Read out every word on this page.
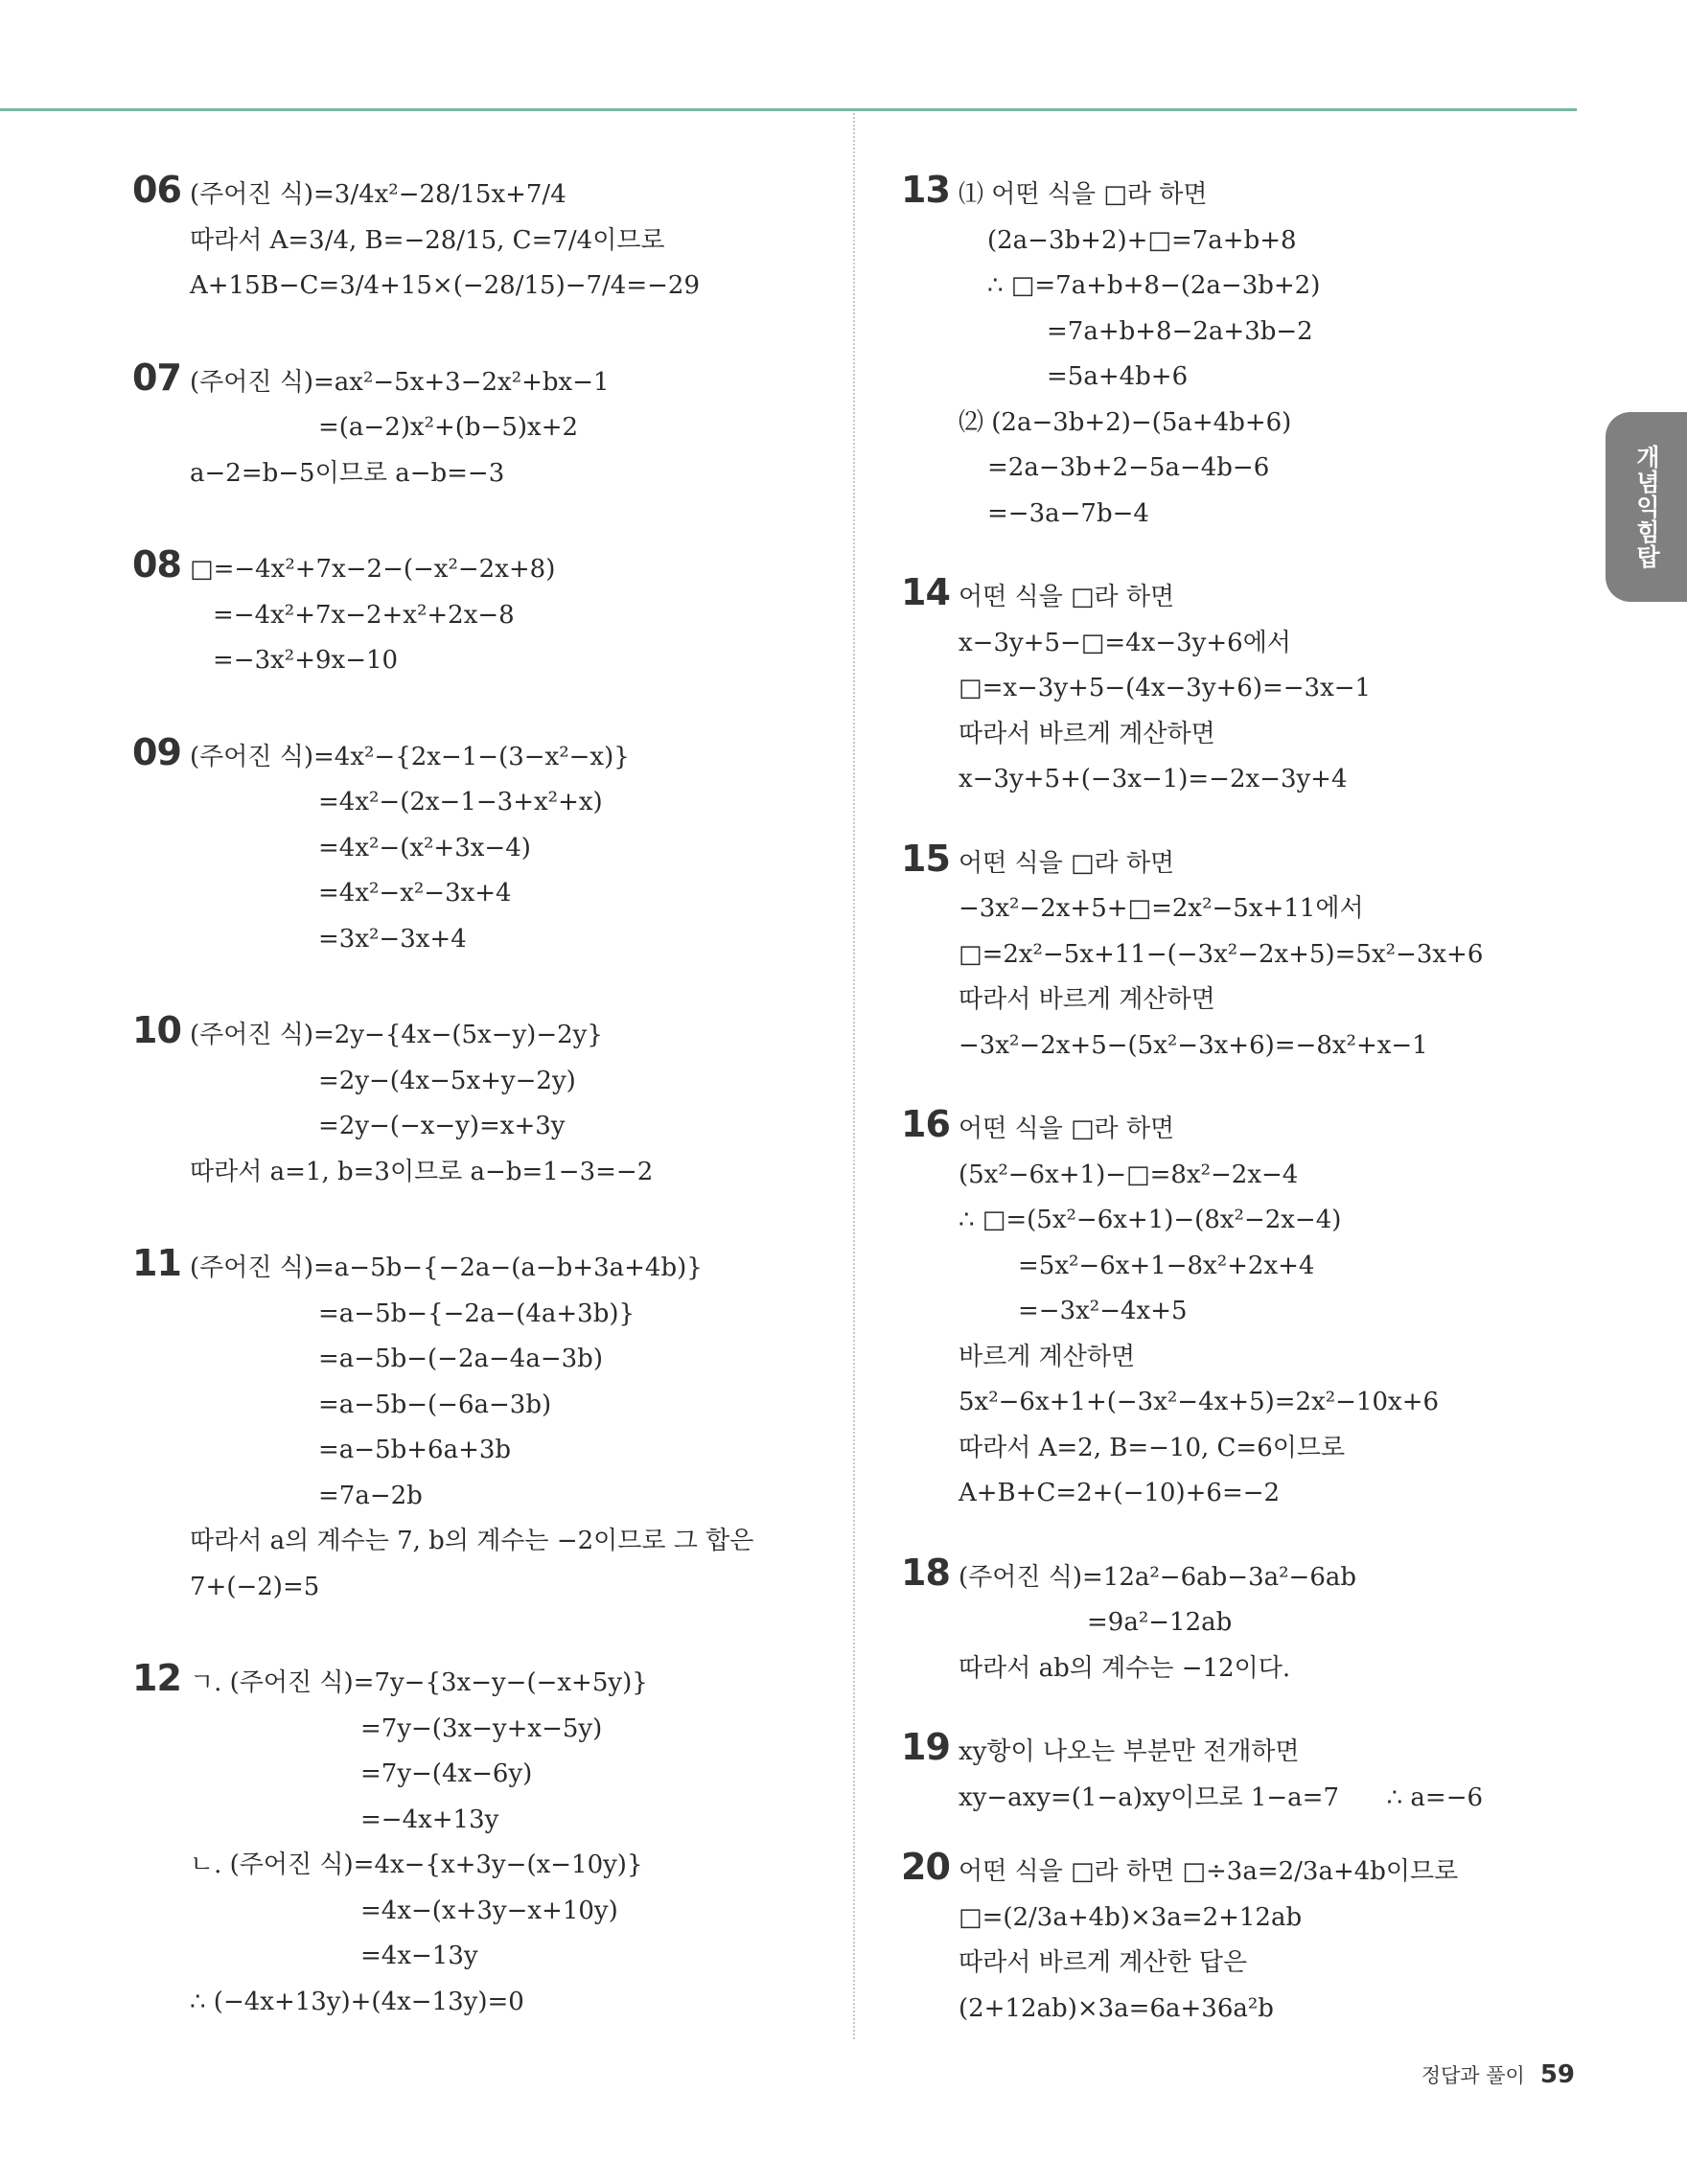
개념익힘탑
06 (주어진 식)=3/4x²−28/15x+7/4
따라서 A=3/4, B=−28/15, C=7/4이므로
A+15B−C=3/4+15×(−28/15)−7/4=−29
07 (주어진 식)=ax²−5x+3−2x²+bx−1
=(a−2)x²+(b−5)x+2
a−2=b−5이므로 a−b=−3
08 □=−4x²+7x−2−(−x²−2x+8)
=−4x²+7x−2+x²+2x−8
=−3x²+9x−10
09 (주어진 식)=4x²−{2x−1−(3−x²−x)}
=4x²−(2x−1−3+x²+x)
=4x²−(x²+3x−4)
=4x²−x²−3x+4
=3x²−3x+4
10 (주어진 식)=2y−{4x−(5x−y)−2y}
=2y−(4x−5x+y−2y)
=2y−(−x−y)=x+3y
따라서 a=1, b=3이므로 a−b=1−3=−2
11 (주어진 식)=a−5b−{−2a−(a−b+3a+4b)}
=a−5b−{−2a−(4a+3b)}
=a−5b−(−2a−4a−3b)
=a−5b−(−6a−3b)
=a−5b+6a+3b
=7a−2b
따라서 a의 계수는 7, b의 계수는 −2이므로 그 합은
7+(−2)=5
12 ㄱ. (주어진 식)=7y−{3x−y−(−x+5y)}
=7y−(3x−y+x−5y)
=7y−(4x−6y)
=−4x+13y
ㄴ. (주어진 식)=4x−{x+3y−(x−10y)}
=4x−(x+3y−x+10y)
=4x−13y
∴ (−4x+13y)+(4x−13y)=0
13 ⑴ 어떤 식을 □라 하면
(2a−3b+2)+□=7a+b+8
∴ □=7a+b+8−(2a−3b+2)
=7a+b+8−2a+3b−2
=5a+4b+6
⑵ (2a−3b+2)−(5a+4b+6)
=2a−3b+2−5a−4b−6
=−3a−7b−4
14 어떤 식을 □라 하면
x−3y+5−□=4x−3y+6에서
□=x−3y+5−(4x−3y+6)=−3x−1
따라서 바르게 계산하면
x−3y+5+(−3x−1)=−2x−3y+4
15 어떤 식을 □라 하면
−3x²−2x+5+□=2x²−5x+11에서
□=2x²−5x+11−(−3x²−2x+5)=5x²−3x+6
따라서 바르게 계산하면
−3x²−2x+5−(5x²−3x+6)=−8x²+x−1
16 어떤 식을 □라 하면
(5x²−6x+1)−□=8x²−2x−4
∴ □=(5x²−6x+1)−(8x²−2x−4)
=5x²−6x+1−8x²+2x+4
=−3x²−4x+5
바르게 계산하면
5x²−6x+1+(−3x²−4x+5)=2x²−10x+6
따라서 A=2, B=−10, C=6이므로
A+B+C=2+(−10)+6=−2
18 (주어진 식)=12a²−6ab−3a²−6ab
=9a²−12ab
따라서 ab의 계수는 −12이다.
19 xy항이 나오는 부분만 전개하면
xy−axy=(1−a)xy이므로 1−a=7      ∴ a=−6
20 어떤 식을 □라 하면 □÷3a=2/3a+4b이므로
□=(2/3a+4b)×3a=2+12ab
따라서 바르게 계산한 답은
(2+12ab)×3a=6a+36a²b
정답과 풀이 59
